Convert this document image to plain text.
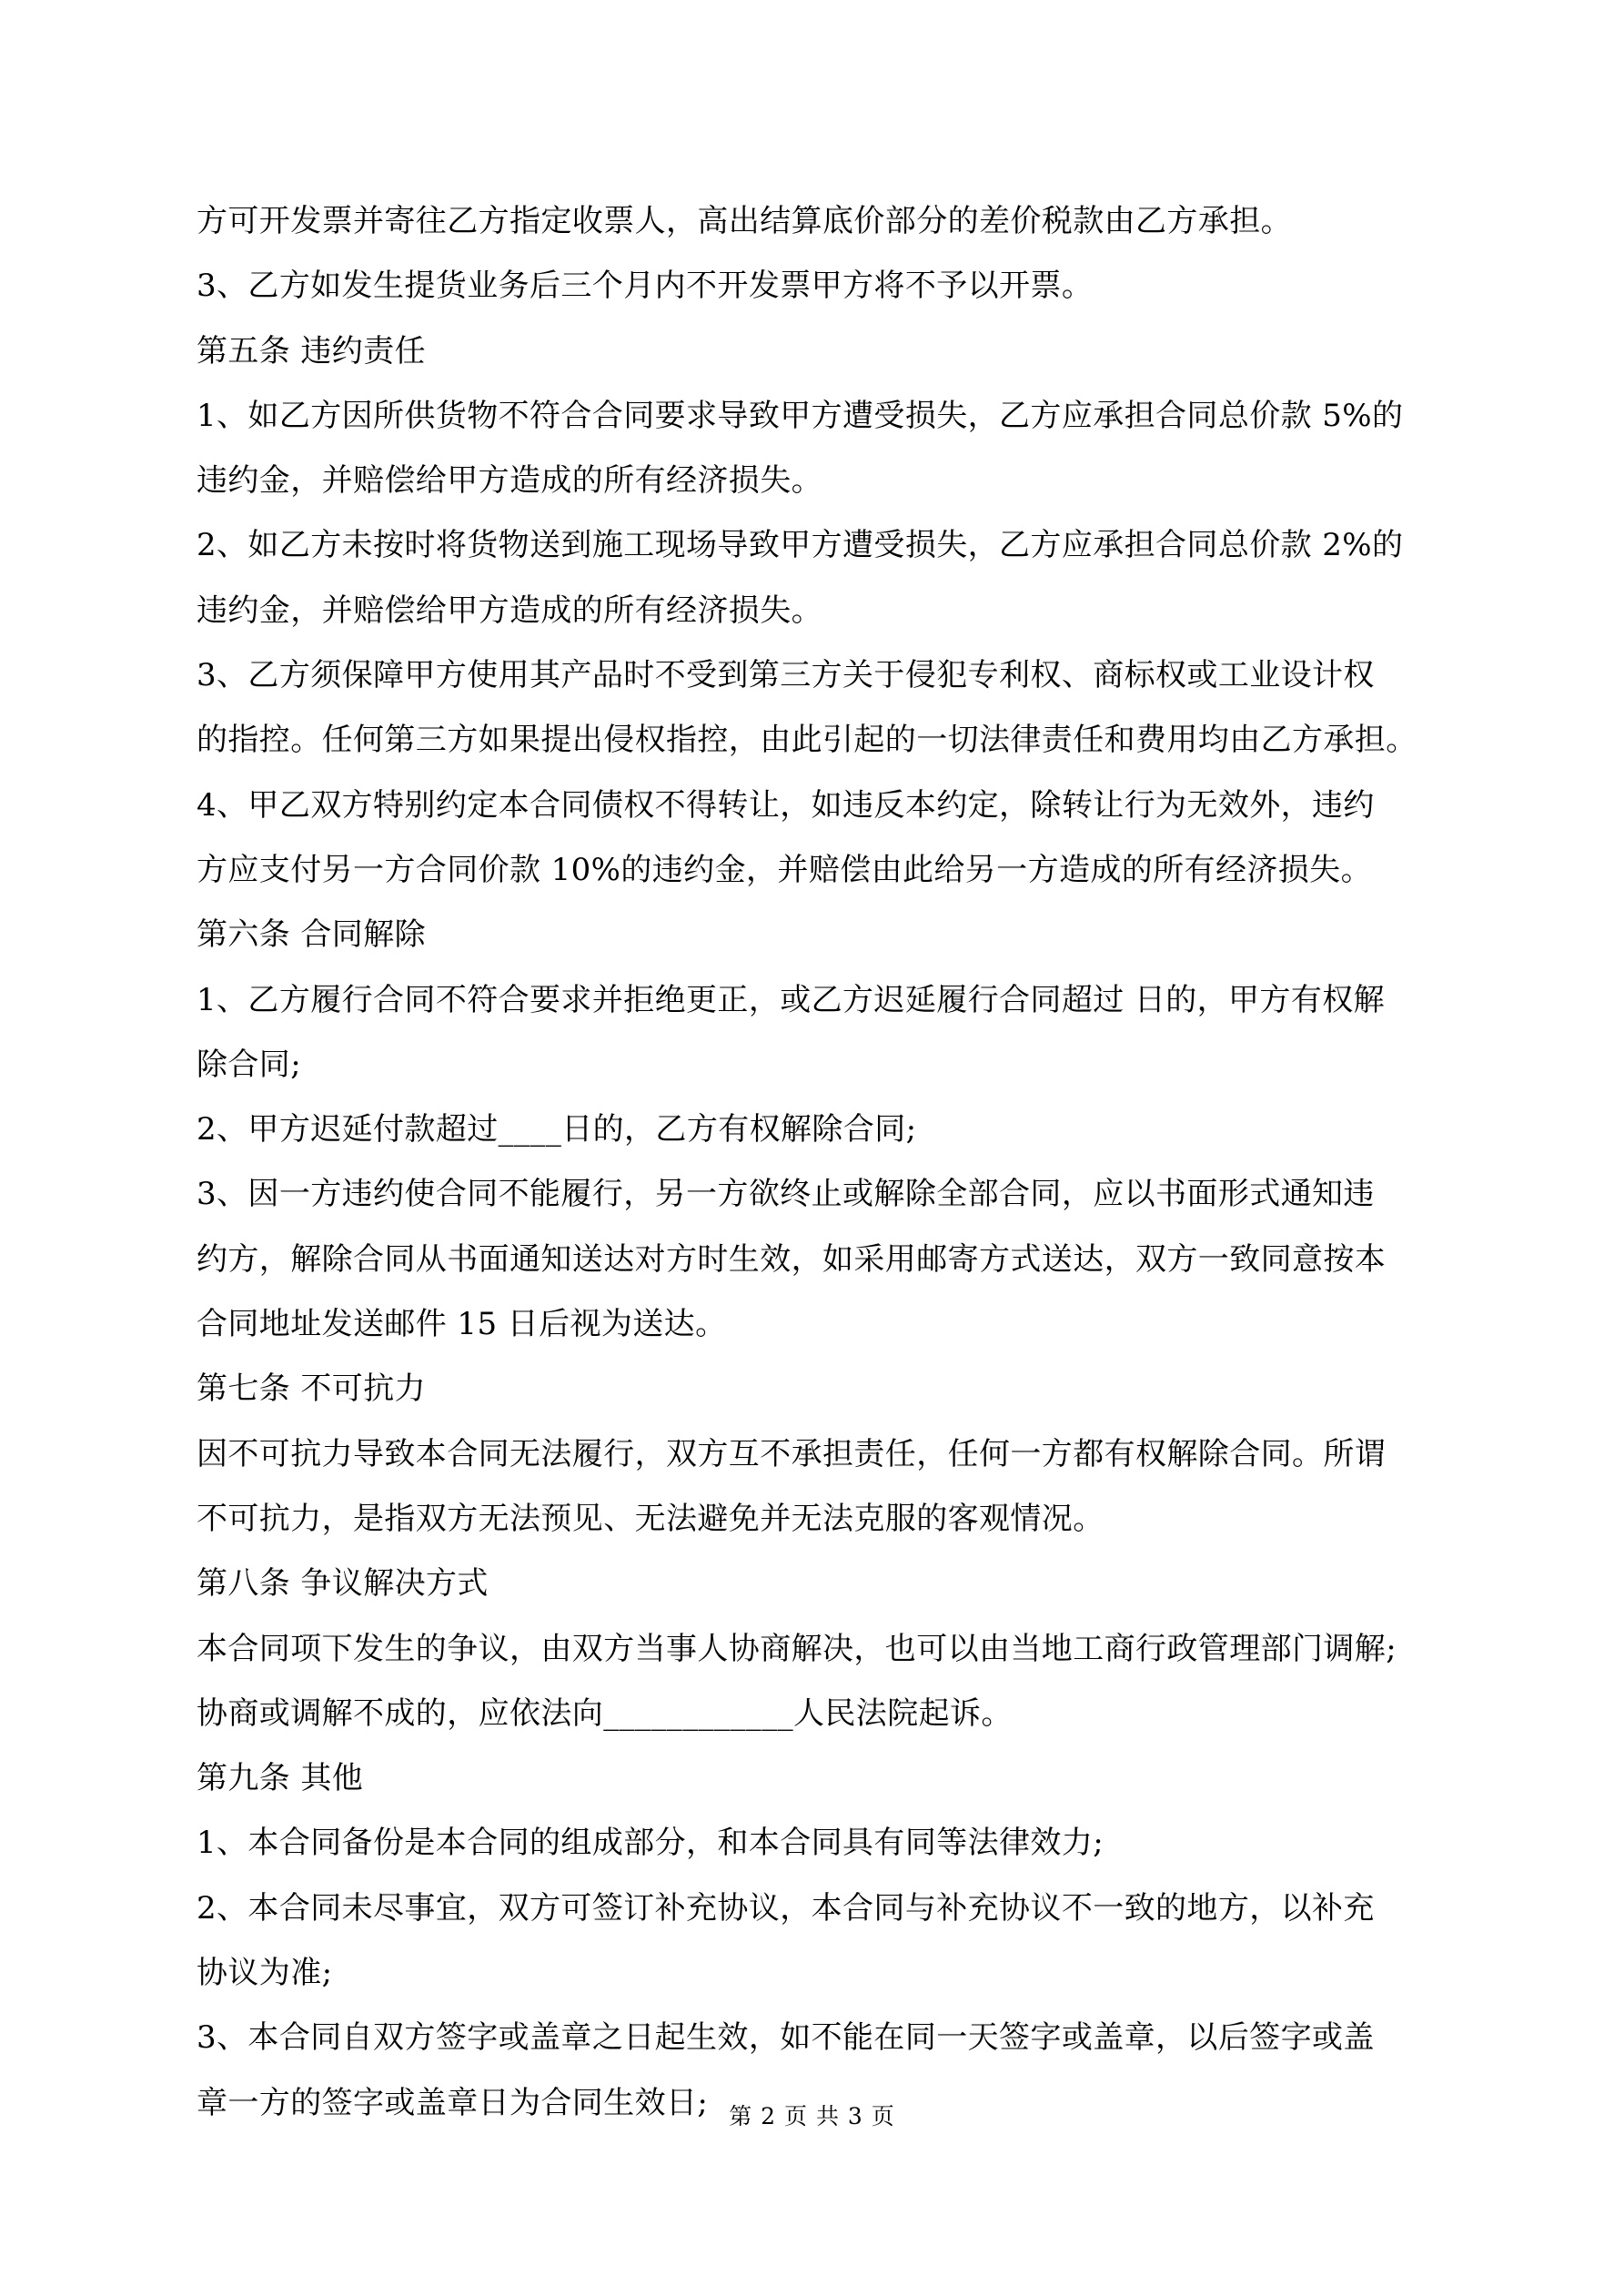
方可开发票并寄往乙方指定收票人，高出结算底价部分的差价税款由乙方承担。
3、乙方如发生提货业务后三个月内不开发票甲方将不予以开票。
第五条 违约责任
1、如乙方因所供货物不符合合同要求导致甲方遭受损失，乙方应承担合同总价款 5%的
违约金，并赔偿给甲方造成的所有经济损失。
2、如乙方未按时将货物送到施工现场导致甲方遭受损失，乙方应承担合同总价款 2%的
违约金，并赔偿给甲方造成的所有经济损失。
3、乙方须保障甲方使用其产品时不受到第三方关于侵犯专利权、商标权或工业设计权
的指控。任何第三方如果提出侵权指控，由此引起的一切法律责任和费用均由乙方承担。
4、甲乙双方特别约定本合同债权不得转让，如违反本约定，除转让行为无效外，违约
方应支付另一方合同价款 10%的违约金，并赔偿由此给另一方造成的所有经济损失。
第六条 合同解除
1、乙方履行合同不符合要求并拒绝更正，或乙方迟延履行合同超过 日的，甲方有权解
除合同;
2、甲方迟延付款超过____日的，乙方有权解除合同;
3、因一方违约使合同不能履行，另一方欲终止或解除全部合同，应以书面形式通知违
约方，解除合同从书面通知送达对方时生效，如采用邮寄方式送达，双方一致同意按本
合同地址发送邮件 15 日后视为送达。
第七条 不可抗力
因不可抗力导致本合同无法履行，双方互不承担责任，任何一方都有权解除合同。所谓
不可抗力，是指双方无法预见、无法避免并无法克服的客观情况。
第八条 争议解决方式
本合同项下发生的争议，由双方当事人协商解决，也可以由当地工商行政管理部门调解;
协商或调解不成的，应依法向____________人民法院起诉。
第九条 其他
1、本合同备份是本合同的组成部分，和本合同具有同等法律效力;
2、本合同未尽事宜，双方可签订补充协议，本合同与补充协议不一致的地方，以补充
协议为准;
3、本合同自双方签字或盖章之日起生效，如不能在同一天签字或盖章，以后签字或盖
章一方的签字或盖章日为合同生效日; 第 2 页 共 3 页
